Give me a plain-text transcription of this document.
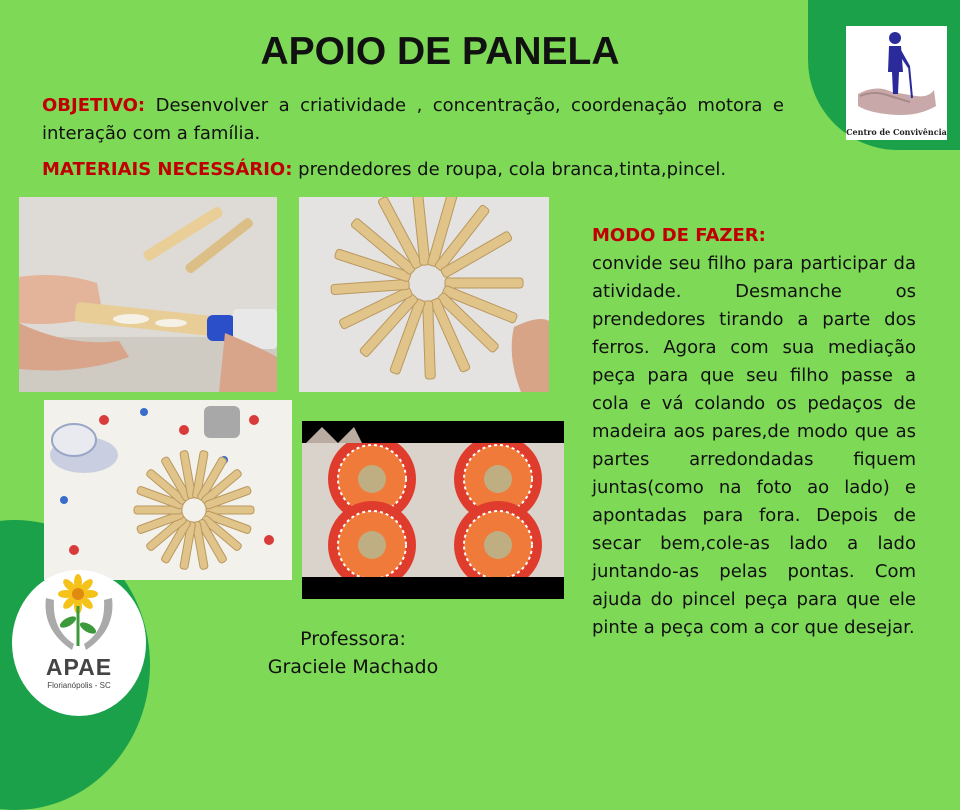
APOIO DE PANELA
OBJETIVO: Desenvolver a criatividade , concentração, coordenação motora e interação com a família.
MATERIAIS NECESSÁRIO: prendedores de roupa, cola branca,tinta,pincel.
Centro de Convivência
MODO DE FAZER:
convide seu filho para participar da atividade. Desmanche os prendedores tirando a parte dos ferros. Agora com sua mediação peça para que seu filho passe a cola e vá colando os pedaços de madeira aos pares,de modo que as partes arredondadas fiquem juntas(como na foto ao lado) e apontadas para fora. Depois de secar bem,cole-as lado a lado juntando-as pelas pontas. Com ajuda do pincel peça para que ele pinte a peça com a cor que desejar.
Professora:
Graciele Machado
APAE
Florianópolis - SC
